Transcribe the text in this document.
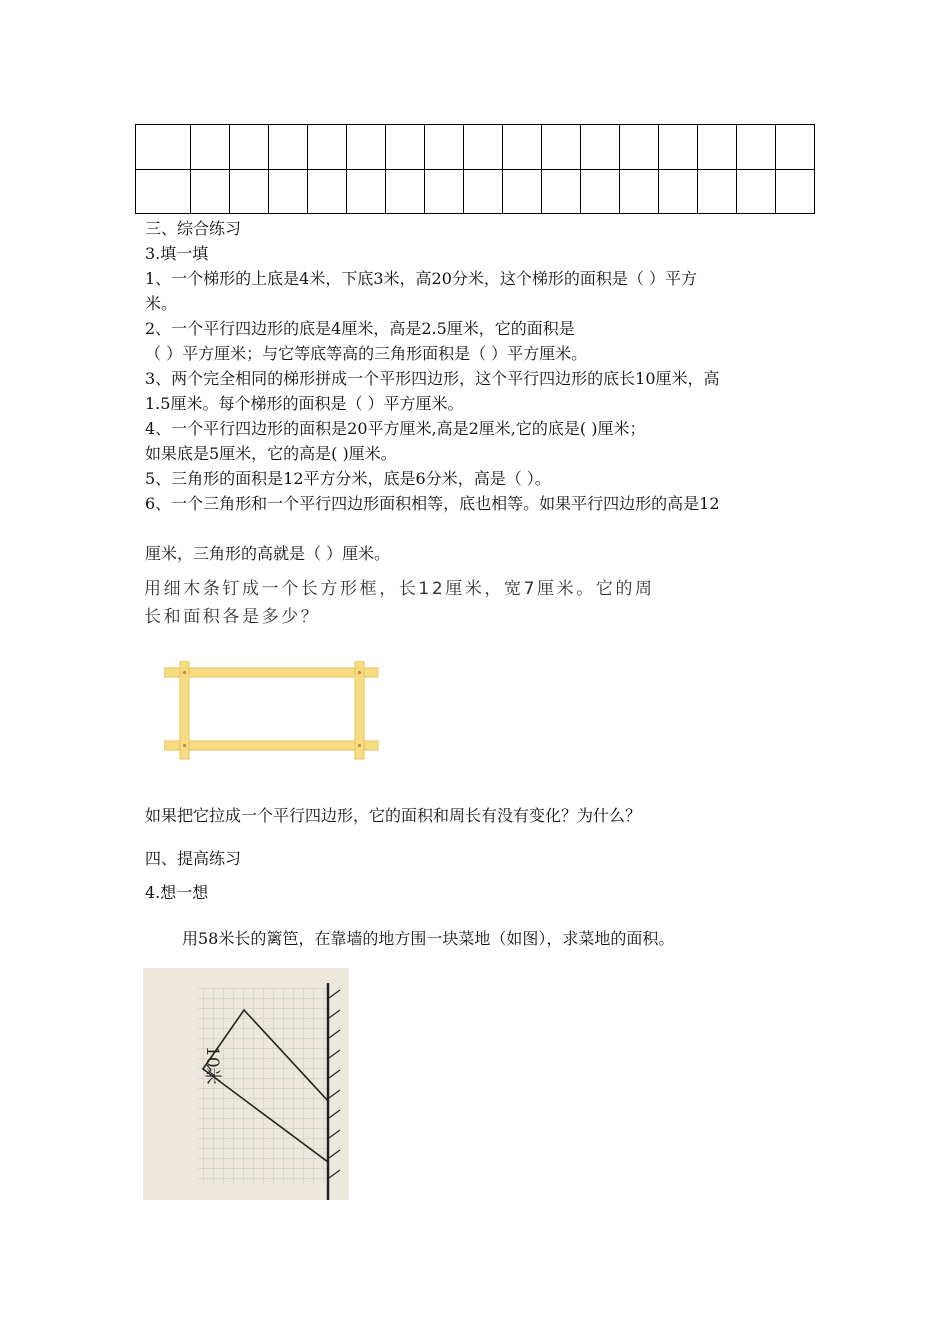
三、综合练习
3.填一填
1、一个梯形的上底是4米，下底3米，高20分米，这个梯形的面积是（ ）平方
米。
2、一个平行四边形的底是4厘米，高是2.5厘米，它的面积是
（ ）平方厘米；与它等底等高的三角形面积是（ ）平方厘米。
3、两个完全相同的梯形拼成一个平形四边形，这个平行四边形的底长10厘米，高
1.5厘米。每个梯形的面积是（ ）平方厘米。
4、一个平行四边形的面积是20平方厘米,高是2厘米,它的底是( )厘米；
如果底是5厘米，它的高是( )厘米。
5、三角形的面积是12平方分米，底是6分米，高是（ ）。
6、一个三角形和一个平行四边形面积相等，底也相等。如果平行四边形的高是12
厘米，三角形的高就是（ ）厘米。
用细木条钉成一个长方形框，长12厘米，宽7厘米。它的周
长和面积各是多少？
如果把它拉成一个平行四边形，它的面积和周长有没有变化？为什么？
四、提高练习
4.想一想
用58米长的篱笆，在靠墙的地方围一块菜地（如图），求菜地的面积。
10米
